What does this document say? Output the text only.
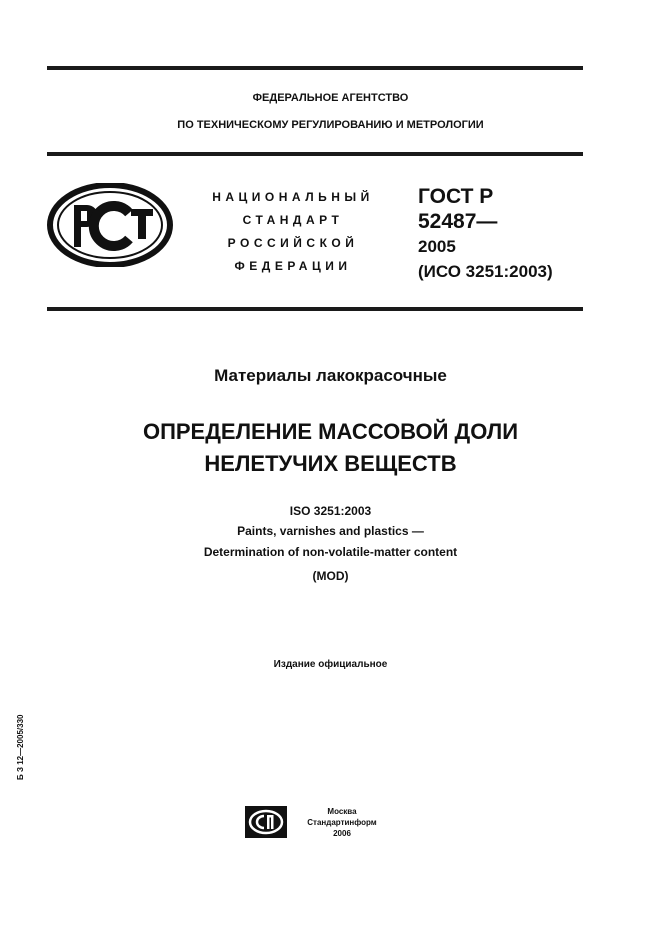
ФЕДЕРАЛЬНОЕ АГЕНТСТВО
ПО ТЕХНИЧЕСКОМУ РЕГУЛИРОВАНИЮ И МЕТРОЛОГИИ
НАЦИОНАЛЬНЫЙ
СТАНДАРТ
РОССИЙСКОЙ
ФЕДЕРАЦИИ
ГОСТ Р
52487—
2005
(ИСО 3251:2003)
Материалы лакокрасочные
ОПРЕДЕЛЕНИЕ МАССОВОЙ ДОЛИ
НЕЛЕТУЧИХ ВЕЩЕСТВ
ISO 3251:2003
Paints, varnishes and plastics —
Determination of non-volatile-matter content
(MOD)
Издание официальное
Б З 12—2005/330
Москва
Стандартинформ
2006
